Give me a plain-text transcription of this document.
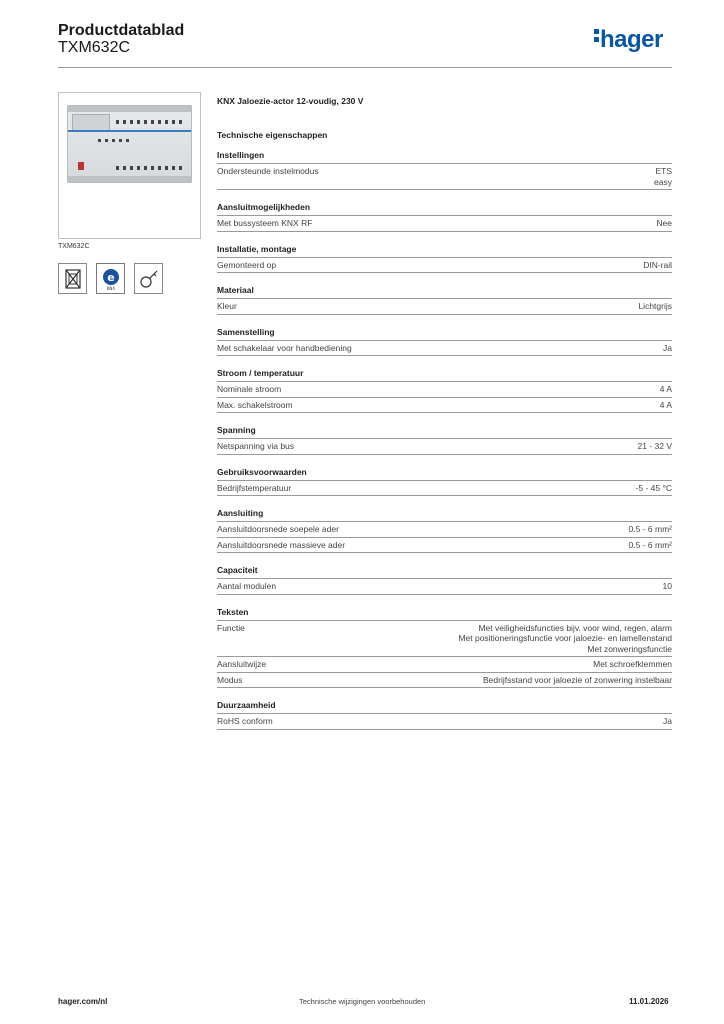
Productdatablad
TXM632C	hager
TXM632C
e
KNX
KNX Jaloezie-actor 12-voudig, 230 V
Technische eigenschappen
Instellingen
Ondersteunde instelmodus	ETS
easy
Aansluitmogelijkheden
Met bussysteem KNX RF	Nee
Installatie, montage
Gemonteerd op	DIN-rail
Materiaal
Kleur	Lichtgrijs
Samenstelling
Met schakelaar voor handbediening	Ja
Stroom / temperatuur
Nominale stroom	4 A
Max. schakelstroom	4 A
Spanning
Netspanning via bus	21 - 32 V
Gebruiksvoorwaarden
Bedrijfstemperatuur	-5 - 45 °C
Aansluiting
Aansluitdoorsnede soepele ader	0.5 - 6 mm²
Aansluitdoorsnede massieve ader	0.5 - 6 mm²
Capaciteit
Aantal modulen	10
Teksten
Functie	Met veiligheidsfuncties bijv. voor wind, regen, alarm
Met positioneringsfunctie voor jaloezie- en lamellenstand
Met zonweringsfunctie
Aansluitwijze	Met schroefklemmen
Modus	Bedrijfsstand voor jaloezie of zonwering instelbaar
Duurzaamheid
RoHS conform	Ja
hager.com/nl	Technische wijzigingen voorbehouden	11.01.2026
